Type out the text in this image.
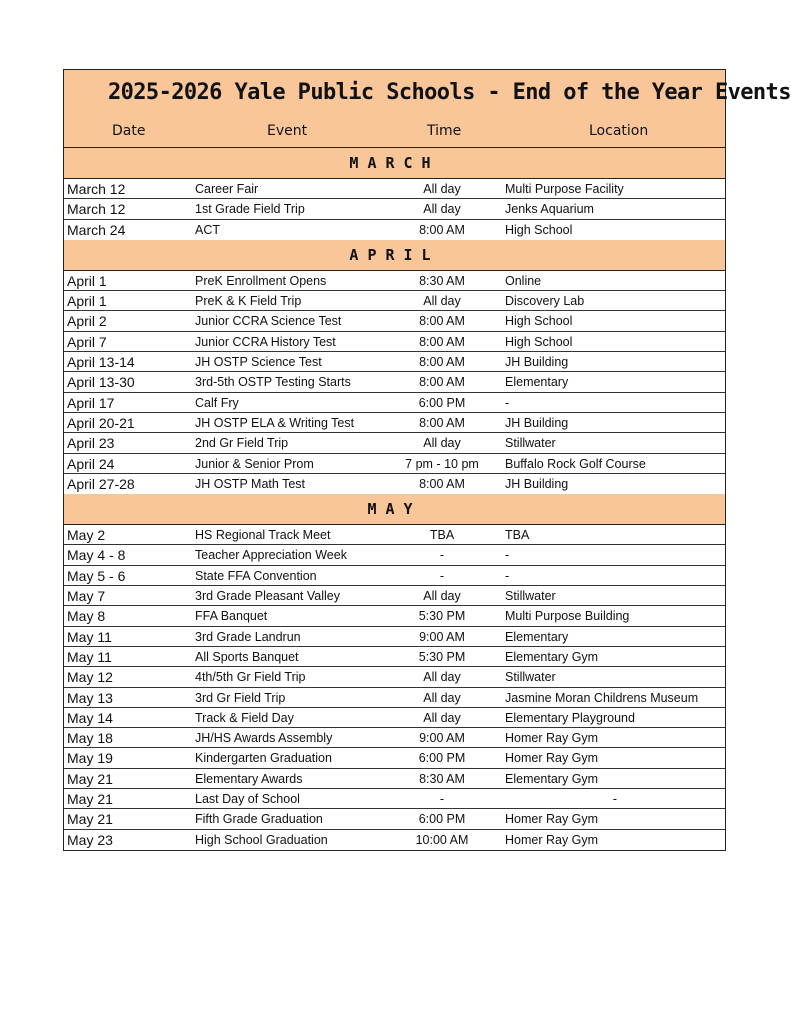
2025-2026 Yale Public Schools - End of the Year Events
Date	Event	Time	Location
MARCH
March 12	Career Fair	All day	Multi Purpose Facility
March 12	1st Grade Field Trip	All day	Jenks Aquarium
March 24	ACT	8:00 AM	High School
APRIL
April 1	PreK Enrollment Opens	8:30 AM	Online
April 1	PreK & K Field Trip	All day	Discovery Lab
April 2	Junior CCRA Science Test	8:00 AM	High School
April 7	Junior CCRA History Test	8:00 AM	High School
April 13-14	JH OSTP Science Test	8:00 AM	JH Building
April 13-30	3rd-5th OSTP Testing Starts	8:00 AM	Elementary
April 17	Calf Fry	6:00 PM	-
April 20-21	JH OSTP ELA & Writing Test	8:00 AM	JH Building
April 23	2nd Gr Field Trip	All day	Stillwater
April 24	Junior & Senior Prom	7 pm - 10 pm	Buffalo Rock Golf Course
April 27-28	JH OSTP Math Test	8:00 AM	JH Building
MAY
May 2	HS Regional Track Meet	TBA	TBA
May 4 - 8	Teacher Appreciation Week	-	-
May 5 - 6	State FFA Convention	-	-
May 7	3rd Grade Pleasant Valley	All day	Stillwater
May 8	FFA Banquet	5:30 PM	Multi Purpose Building
May 11	3rd Grade Landrun	9:00 AM	Elementary
May 11	All Sports Banquet	5:30 PM	Elementary Gym
May 12	4th/5th Gr Field Trip	All day	Stillwater
May 13	3rd Gr Field Trip	All day	Jasmine Moran Childrens Museum
May 14	Track & Field Day	All day	Elementary Playground
May 18	JH/HS Awards Assembly	9:00 AM	Homer Ray Gym
May 19	Kindergarten Graduation	6:00 PM	Homer Ray Gym
May 21	Elementary Awards	8:30 AM	Elementary Gym
May 21	Last Day of School	-	-
May 21	Fifth Grade Graduation	6:00 PM	Homer Ray Gym
May 23	High School Graduation	10:00 AM	Homer Ray Gym
